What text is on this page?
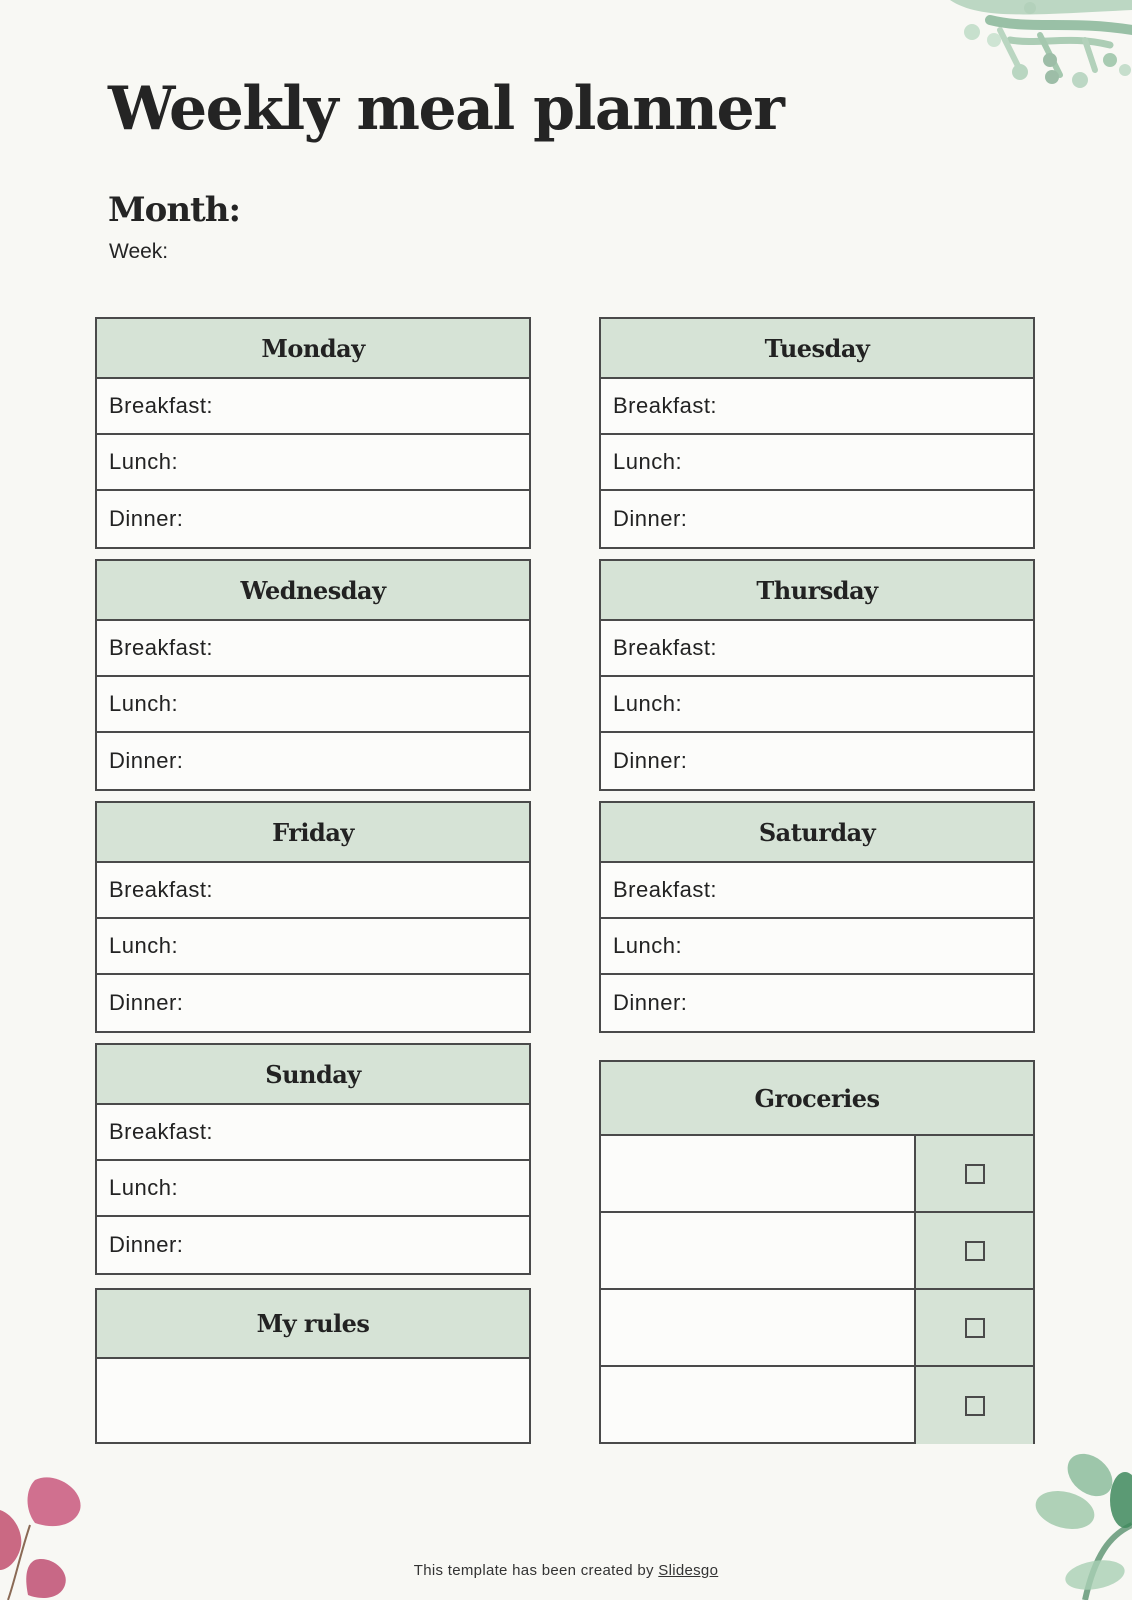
Weekly meal planner
Month:
Week:
Monday
Breakfast:
Lunch:
Dinner:
Tuesday
Breakfast:
Lunch:
Dinner:
Wednesday
Breakfast:
Lunch:
Dinner:
Thursday
Breakfast:
Lunch:
Dinner:
Friday
Breakfast:
Lunch:
Dinner:
Saturday
Breakfast:
Lunch:
Dinner:
Sunday
Breakfast:
Lunch:
Dinner:
My rules
Groceries
This template has been created by Slidesgo
